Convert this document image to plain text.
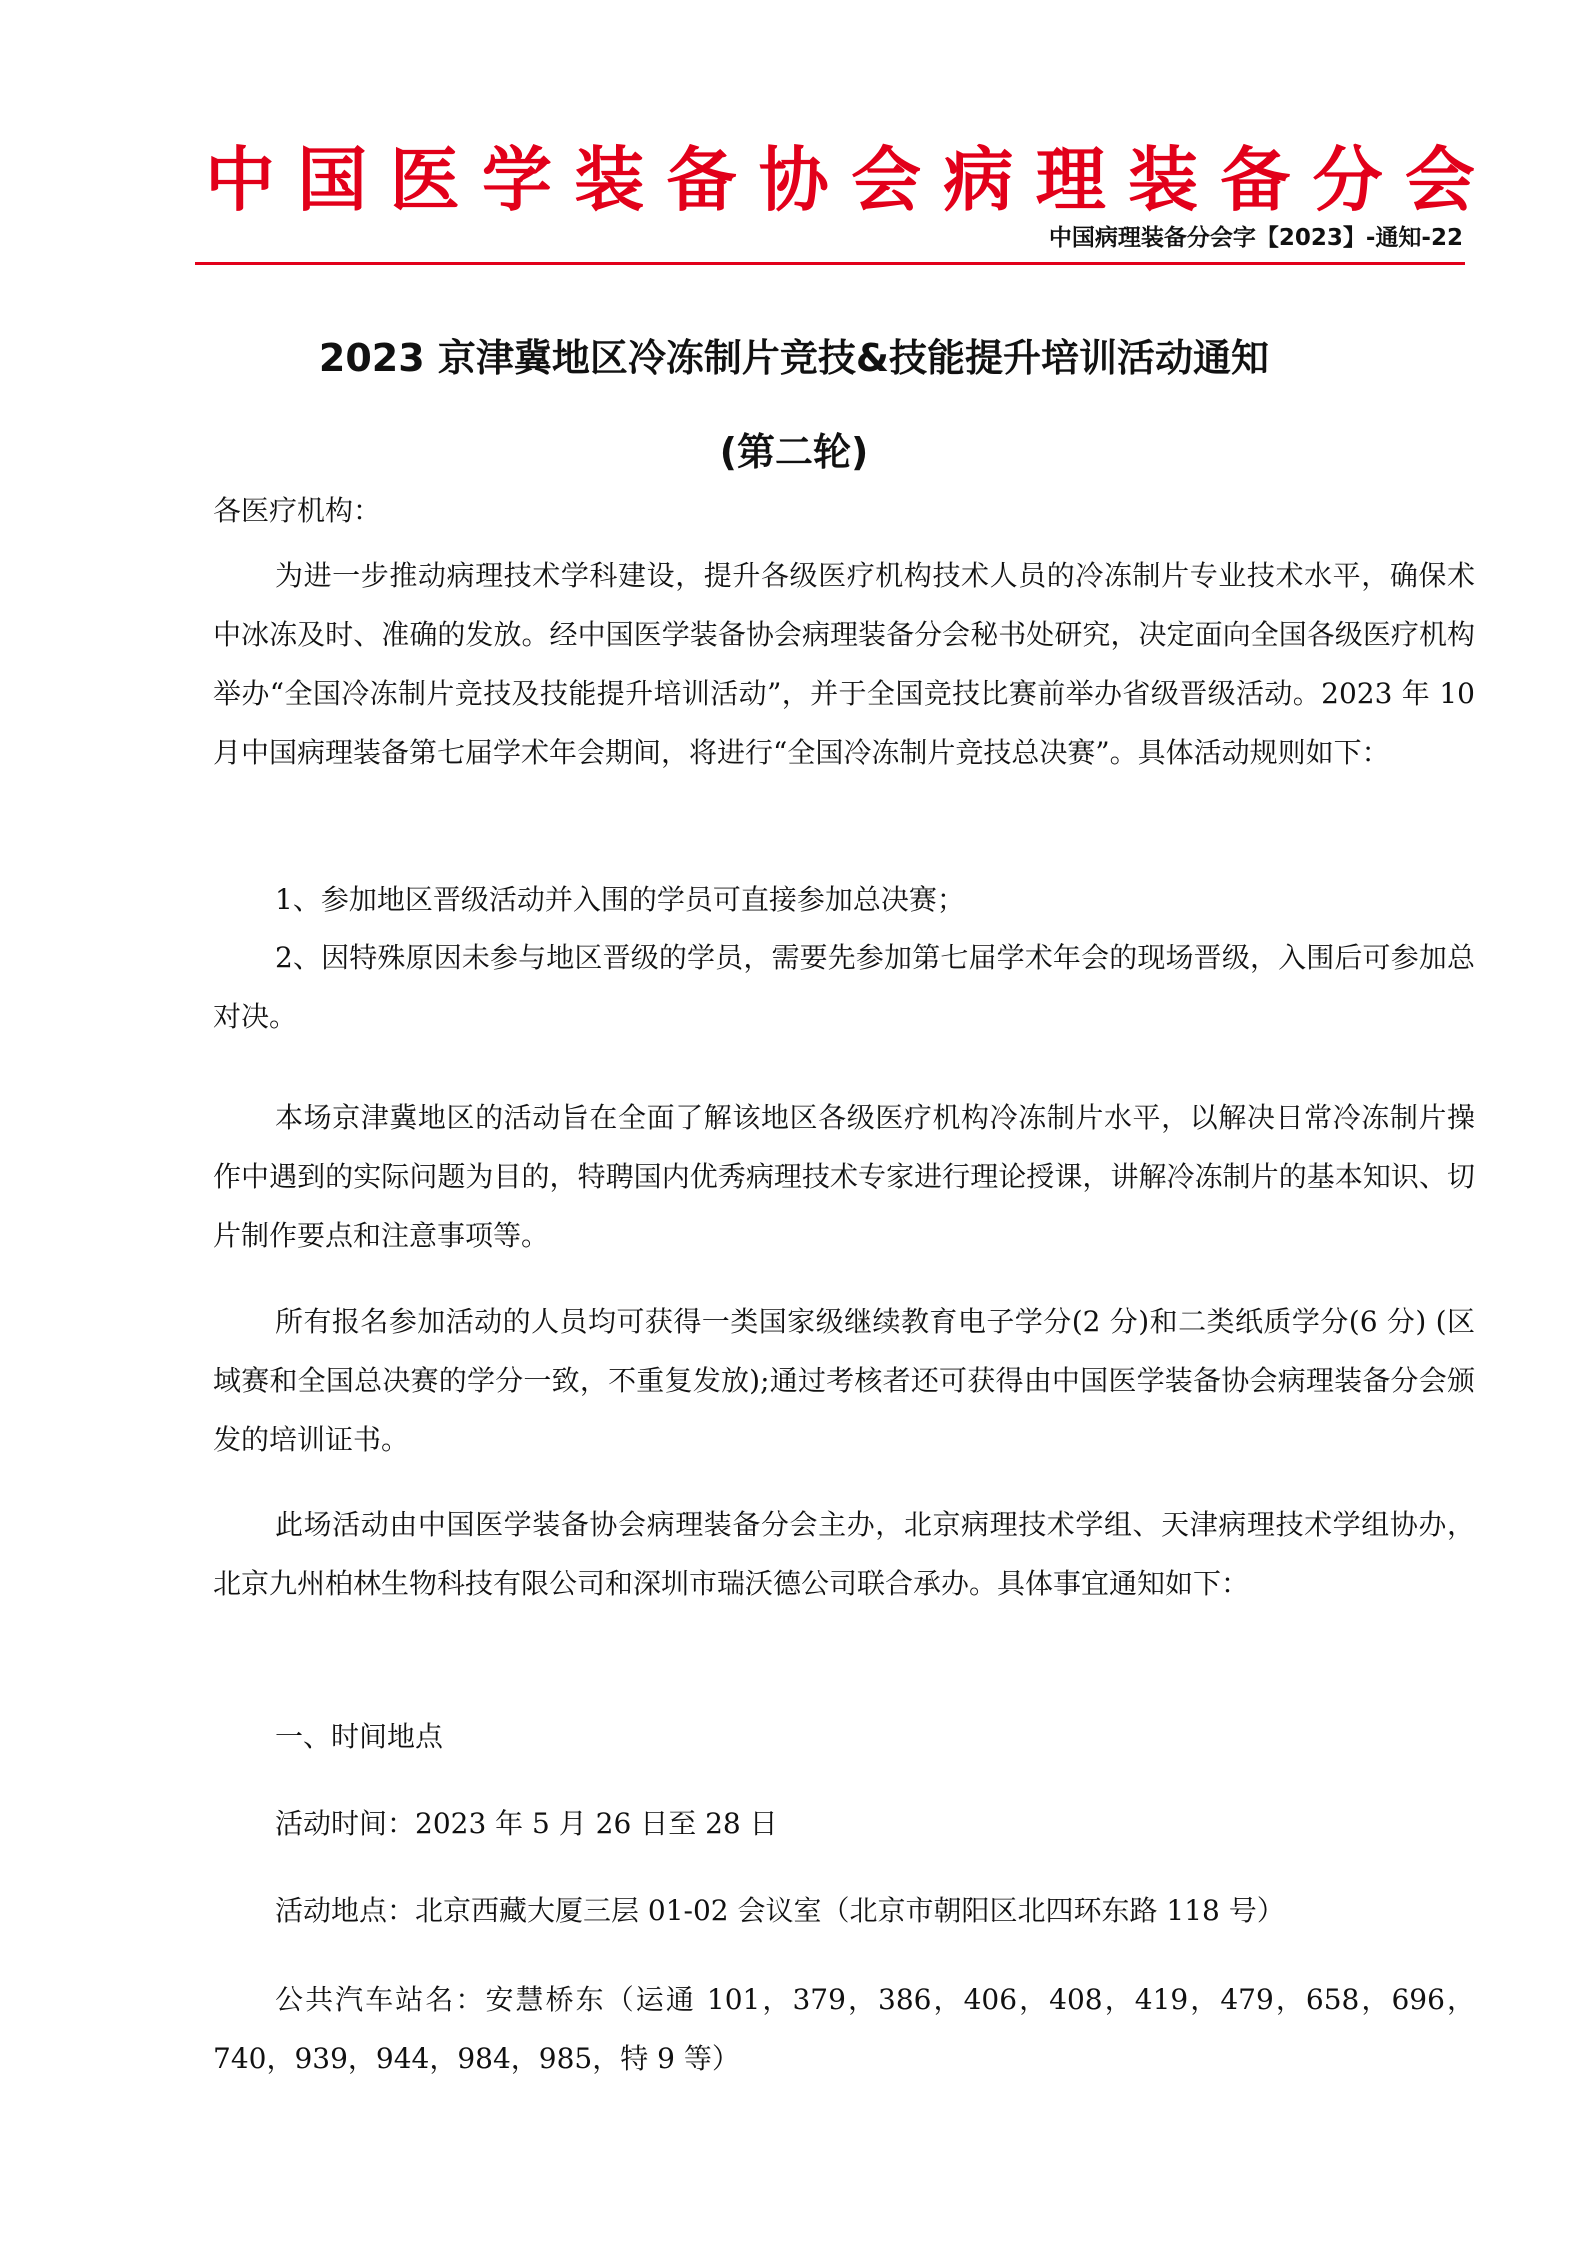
中 国 医 学 装 备 协 会 病 理 装 备 分 会
中国病理装备分会字【2023】-通知-22
2023 京津冀地区冷冻制片竞技&技能提升培训活动通知
(第二轮)
各医疗机构：

为进一步推动病理技术学科建设，提升各级医疗机构技术人员的冷冻制片专业技术水平，确保术中冰冻及时、准确的发放。经中国医学装备协会病理装备分会秘书处研究，决定面向全国各级医疗机构举办“全国冷冻制片竞技及技能提升培训活动”，并于全国竞技比赛前举办省级晋级活动。2023 年 10 月中国病理装备第七届学术年会期间，将进行“全国冷冻制片竞技总决赛”。具体活动规则如下：

1、参加地区晋级活动并入围的学员可直接参加总决赛；

2、因特殊原因未参与地区晋级的学员，需要先参加第七届学术年会的现场晋级，入围后可参加总对决。

本场京津冀地区的活动旨在全面了解该地区各级医疗机构冷冻制片水平，以解决日常冷冻制片操作中遇到的实际问题为目的，特聘国内优秀病理技术专家进行理论授课，讲解冷冻制片的基本知识、切片制作要点和注意事项等。

所有报名参加活动的人员均可获得一类国家级继续教育电子学分(2 分)和二类纸质学分(6 分) (区域赛和全国总决赛的学分一致，不重复发放);通过考核者还可获得由中国医学装备协会病理装备分会颁发的培训证书。

此场活动由中国医学装备协会病理装备分会主办，北京病理技术学组、天津病理技术学组协办，北京九州柏林生物科技有限公司和深圳市瑞沃德公司联合承办。具体事宜通知如下：

一、时间地点
活动时间：2023 年 5 月 26 日至 28 日
活动地点：北京西藏大厦三层 01-02 会议室（北京市朝阳区北四环东路 118 号）

公共汽车站名：安慧桥东（运通 101，379，386，406，408，419，479，658，696，740，939，944，984，985，特 9 等）
